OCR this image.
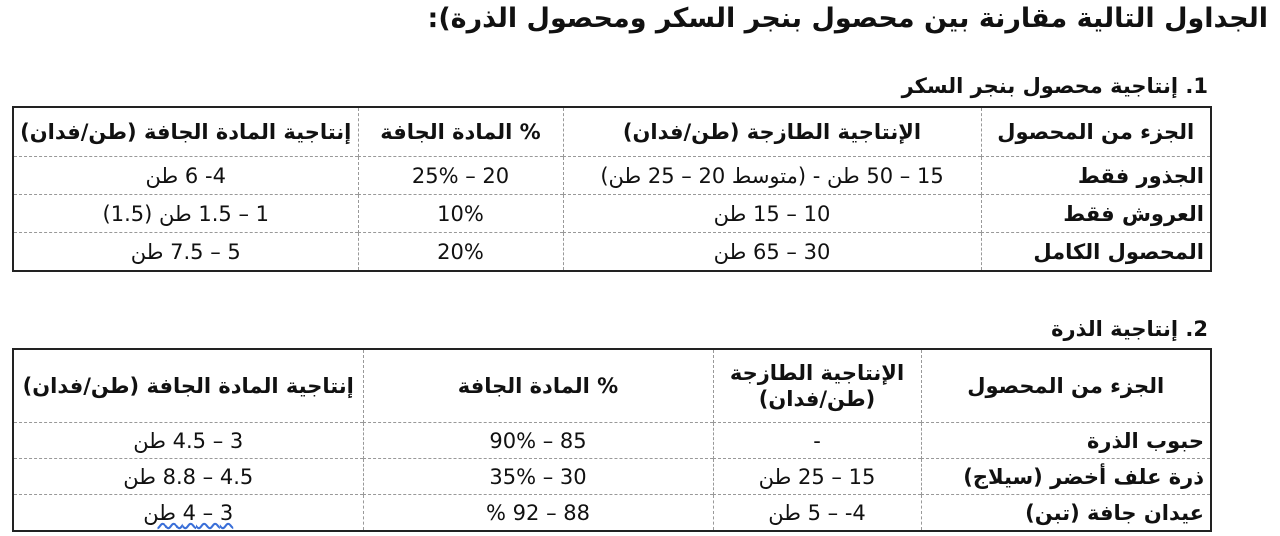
الجداول التالية مقارنة بين محصول بنجر السكر ومحصول الذرة):
1. إنتاجية محصول بنجر السكر
الجزء من المحصول	الإنتاجية الطازجة (طن/فدان)	% المادة الجافة	إنتاجية المادة الجافة (طن/فدان)
الجذور فقط	15 – 50 طن - (متوسط 20 – 25 طن)	20 – 25%	4- 6 طن
العروش فقط	10 – 15 طن	10%	1 – 1.5 طن (1.5)
المحصول الكامل	30 – 65 طن	20%	5 – 7.5 طن
2. إنتاجية الذرة
الجزء من المحصول	الإنتاجية الطازجة (طن/فدان)	% المادة الجافة	إنتاجية المادة الجافة (طن/فدان)
حبوب الذرة	-	85 – 90%	3 – 4.5 طن
ذرة علف أخضر (سيلاج)	15 – 25 طن	30 – 35%	4.5 – 8.8 طن
عيدان جافة (تبن)	4- – 5 طن	88 – 92 %	3 – 4 طن
